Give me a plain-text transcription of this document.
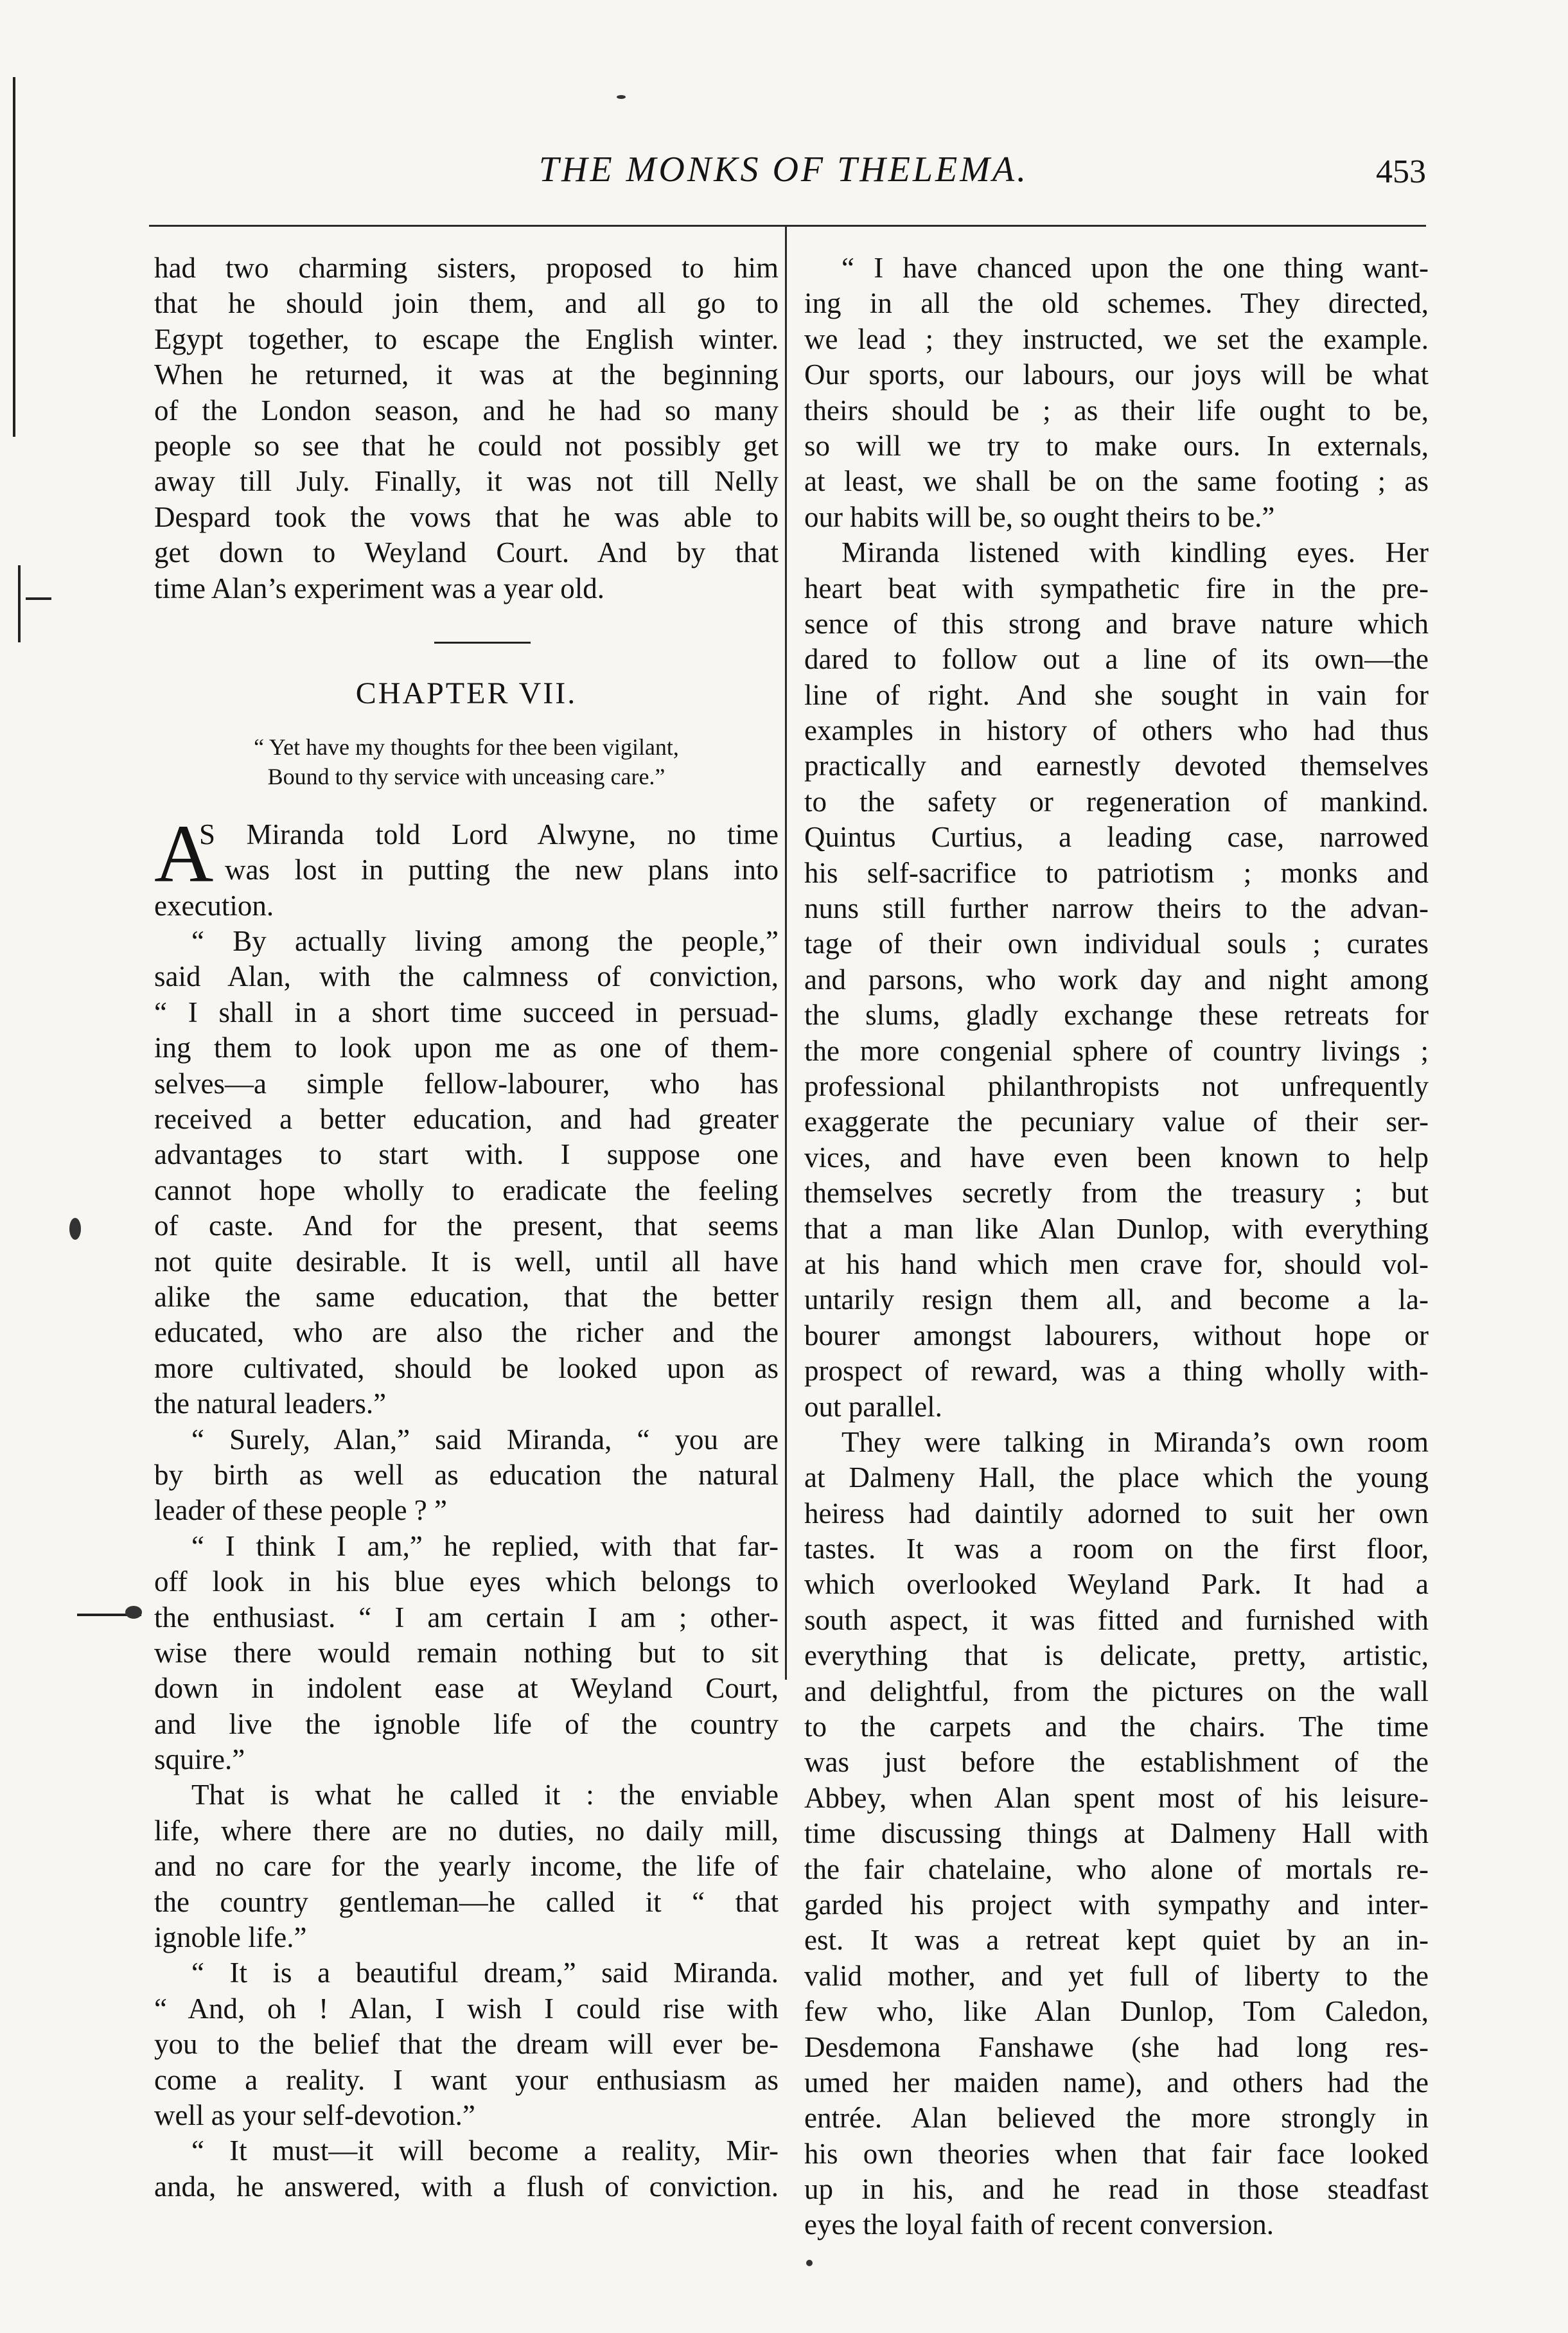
THE MONKS OF THELEMA.	453
had two charming sisters, proposed to him
that he should join them, and all go to
Egypt together, to escape the English winter.
When he returned, it was at the beginning
of the London season, and he had so many
people so see that he could not possibly get
away till July. Finally, it was not till Nelly
Despard took the vows that he was able to
get down to Weyland Court. And by that
time Alan’s experiment was a year old.
CHAPTER VII.
“ Yet have my thoughts for thee been vigilant,
Bound to thy service with unceasing care.”
A
S Miranda told Lord Alwyne, no time
was lost in putting the new plans into
execution.
“ By actually living among the people,”
said Alan, with the calmness of conviction,
“ I shall in a short time succeed in persuad-
ing them to look upon me as one of them-
selves—a simple fellow-labourer, who has
received a better education, and had greater
advantages to start with. I suppose one
cannot hope wholly to eradicate the feeling
of caste. And for the present, that seems
not quite desirable. It is well, until all have
alike the same education, that the better
educated, who are also the richer and the
more cultivated, should be looked upon as
the natural leaders.”
“ Surely, Alan,” said Miranda, “ you are
by birth as well as education the natural
leader of these people ? ”
“ I think I am,” he replied, with that far-
off look in his blue eyes which belongs to
the enthusiast. “ I am certain I am ; other-
wise there would remain nothing but to sit
down in indolent ease at Weyland Court,
and live the ignoble life of the country
squire.”
That is what he called it : the enviable
life, where there are no duties, no daily mill,
and no care for the yearly income, the life of
the country gentleman—he called it “ that
ignoble life.”
“ It is a beautiful dream,” said Miranda.
“ And, oh ! Alan, I wish I could rise with
you to the belief that the dream will ever be-
come a reality. I want your enthusiasm as
well as your self-devotion.”
“ It must—it will become a reality, Mir-
anda, he answered, with a flush of conviction.
“ I have chanced upon the one thing want-
ing in all the old schemes. They directed,
we lead ; they instructed, we set the example.
Our sports, our labours, our joys will be what
theirs should be ; as their life ought to be,
so will we try to make ours. In externals,
at least, we shall be on the same footing ; as
our habits will be, so ought theirs to be.”
Miranda listened with kindling eyes. Her
heart beat with sympathetic fire in the pre-
sence of this strong and brave nature which
dared to follow out a line of its own—the
line of right. And she sought in vain for
examples in history of others who had thus
practically and earnestly devoted themselves
to the safety or regeneration of mankind.
Quintus Curtius, a leading case, narrowed
his self-sacrifice to patriotism ; monks and
nuns still further narrow theirs to the advan-
tage of their own individual souls ; curates
and parsons, who work day and night among
the slums, gladly exchange these retreats for
the more congenial sphere of country livings ;
professional philanthropists not unfrequently
exaggerate the pecuniary value of their ser-
vices, and have even been known to help
themselves secretly from the treasury ; but
that a man like Alan Dunlop, with everything
at his hand which men crave for, should vol-
untarily resign them all, and become a la-
bourer amongst labourers, without hope or
prospect of reward, was a thing wholly with-
out parallel.
They were talking in Miranda’s own room
at Dalmeny Hall, the place which the young
heiress had daintily adorned to suit her own
tastes. It was a room on the first floor,
which overlooked Weyland Park. It had a
south aspect, it was fitted and furnished with
everything that is delicate, pretty, artistic,
and delightful, from the pictures on the wall
to the carpets and the chairs. The time
was just before the establishment of the
Abbey, when Alan spent most of his leisure-
time discussing things at Dalmeny Hall with
the fair chatelaine, who alone of mortals re-
garded his project with sympathy and inter-
est. It was a retreat kept quiet by an in-
valid mother, and yet full of liberty to the
few who, like Alan Dunlop, Tom Caledon,
Desdemona Fanshawe (she had long res-
umed her maiden name), and others had the
entrée. Alan believed the more strongly in
his own theories when that fair face looked
up in his, and he read in those steadfast
eyes the loyal faith of recent conversion.
